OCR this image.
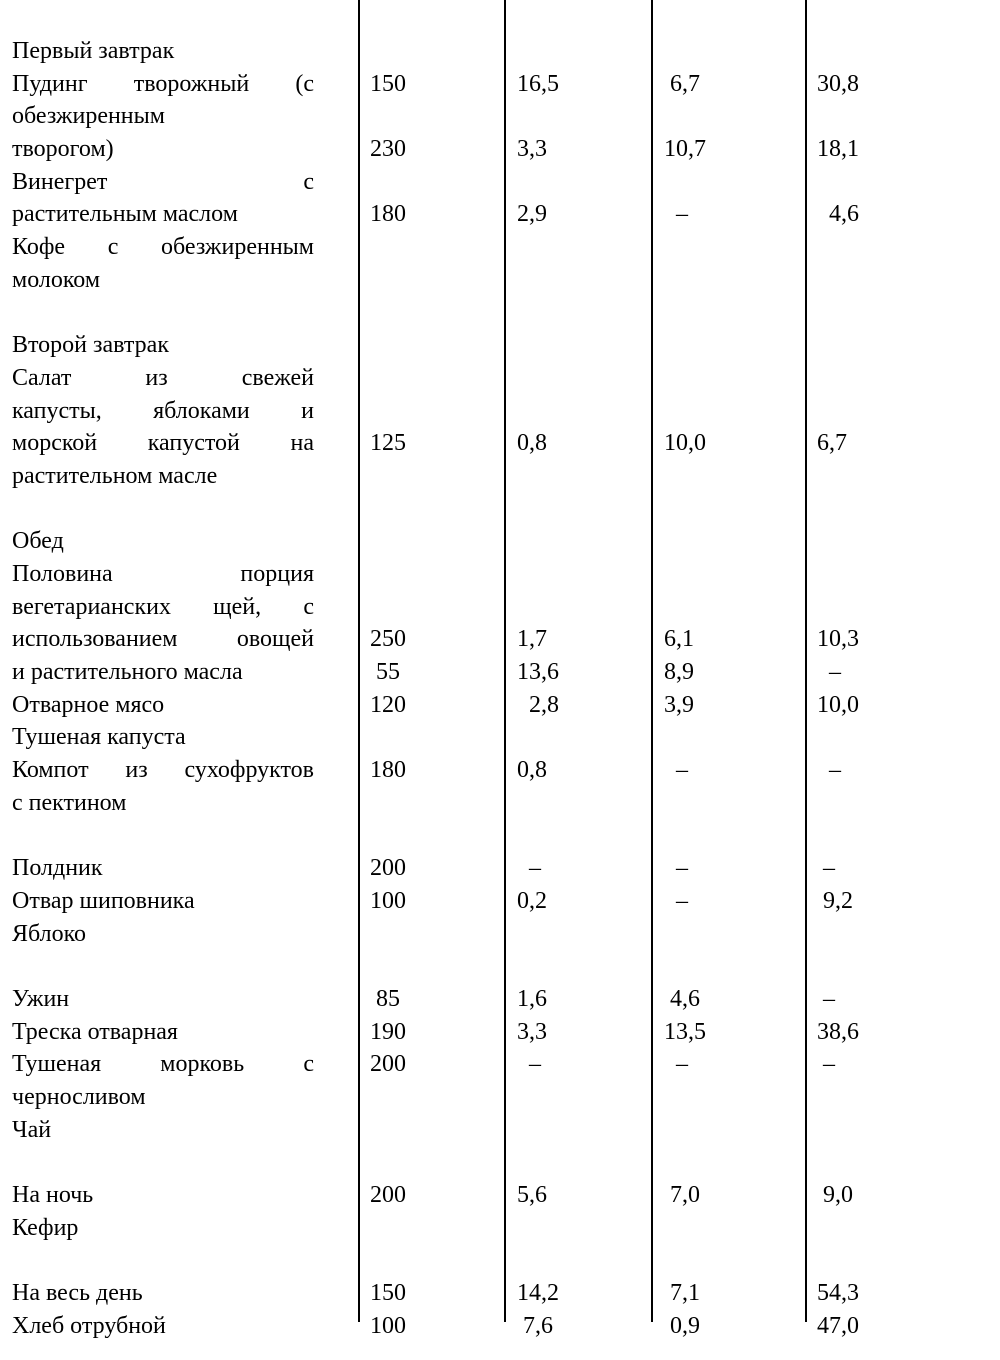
Первый завтрак
Пудинг творожный (с
обезжиренным
творогом)
Винегрет с
растительным маслом
Кофе с обезжиренным
молоком
Второй завтрак
Салат из свежей
капусты, яблоками и
морской капустой на
растительном масле
Обед
Половина порция
вегетарианских щей, с
использованием овощей
и растительного масла
Отварное мясо
Тушеная капуста
Компот из сухофруктов
с пектином
Полдник
Отвар шиповника
Яблоко
Ужин
Треска отварная
Тушеная морковь с
черносливом
Чай
На ночь
Кефир
На весь день
Хлеб отрубной
150
230
180
125
250
55
120
180
200
100
85
190
200
200
150
100
16,5
3,3
2,9
0,8
1,7
13,6
2,8
0,8
–
0,2
1,6
3,3
–
5,6
14,2
7,6
6,7
10,7
–
10,0
6,1
8,9
3,9
–
–
–
4,6
13,5
–
7,0
7,1
0,9
30,8
18,1
4,6
6,7
10,3
–
10,0
–
–
9,2
–
38,6
–
9,0
54,3
47,0
